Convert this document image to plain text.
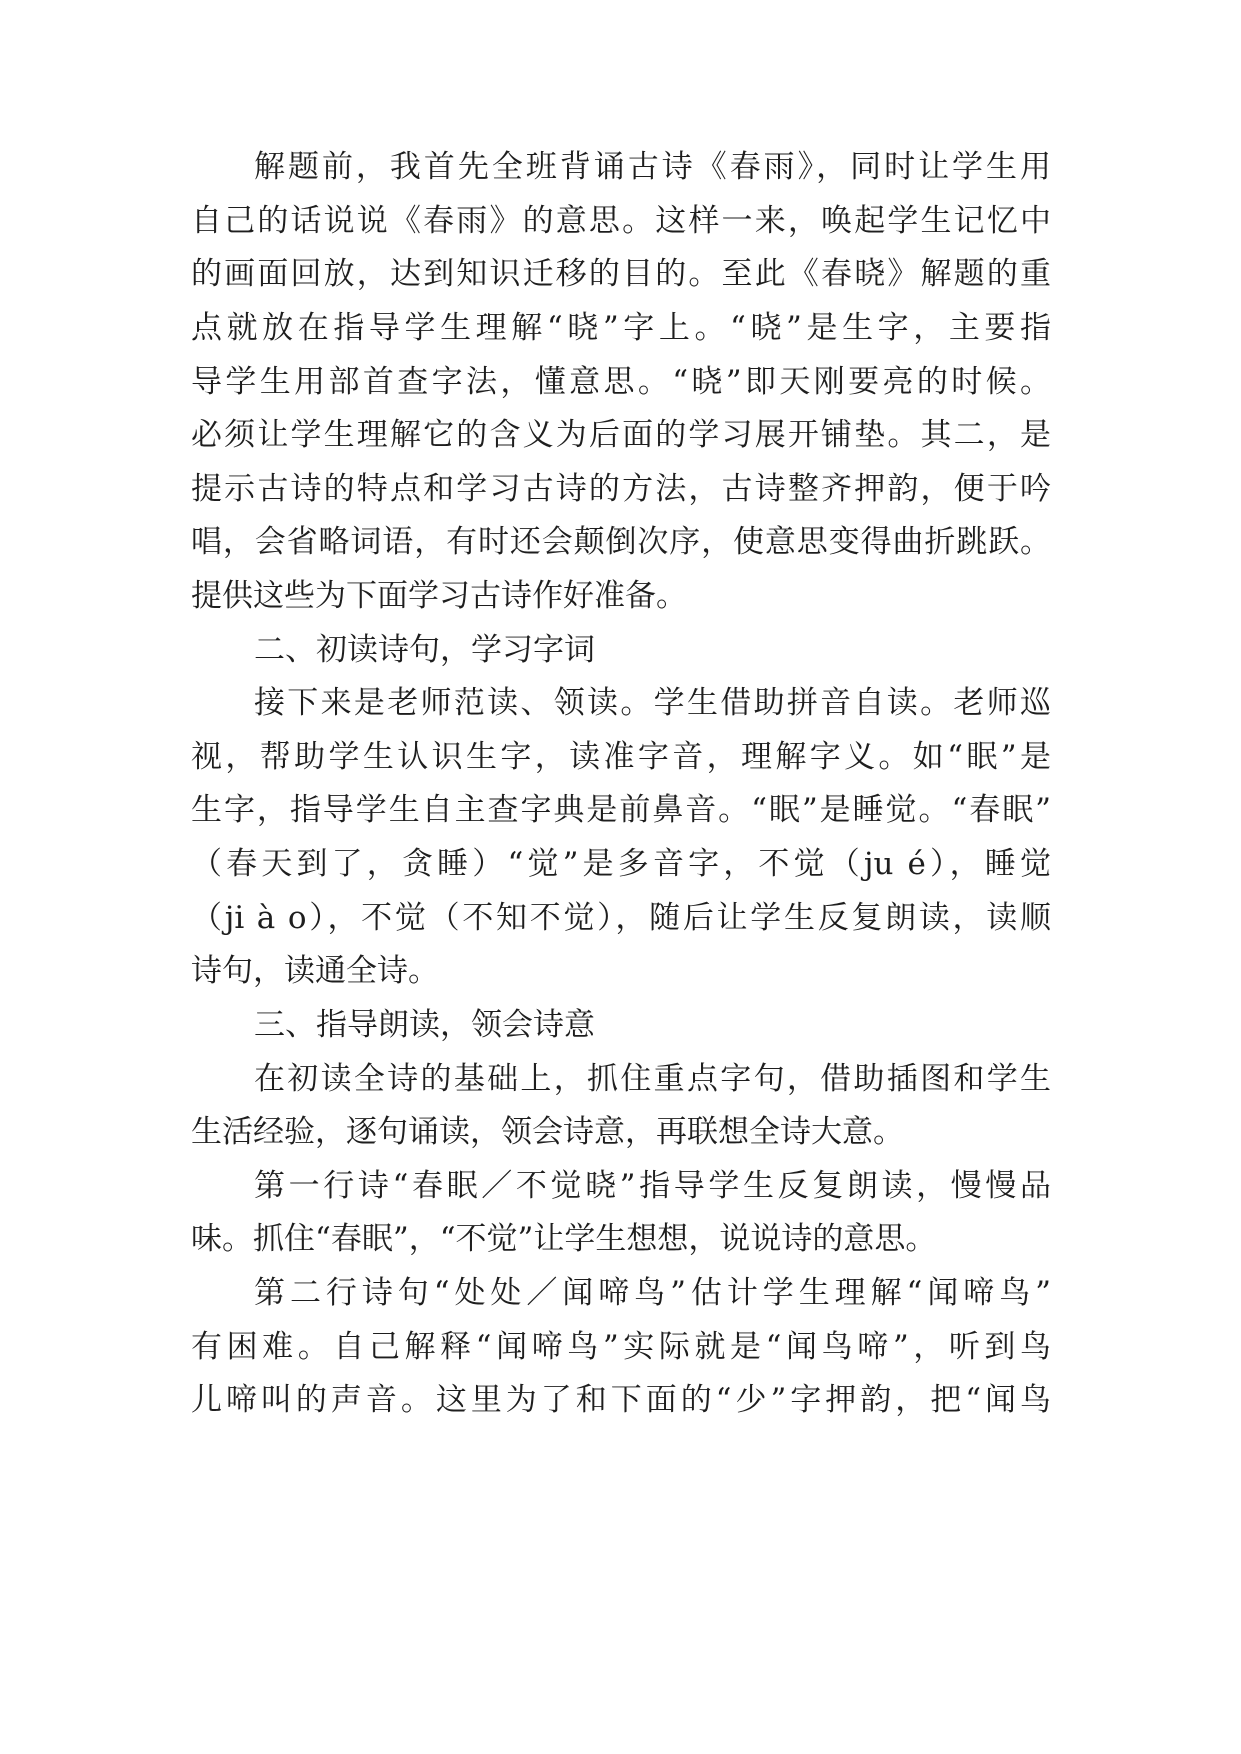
解题前，我首先全班背诵古诗《春雨》，同时让学生用
自己的话说说《春雨》的意思。这样一来，唤起学生记忆中
的画面回放，达到知识迁移的目的。至此《春晓》解题的重
点就放在指导学生理解“晓”字上。“晓”是生字，主要指
导学生用部首查字法，懂意思。“晓”即天刚要亮的时候。
必须让学生理解它的含义为后面的学习展开铺垫。其二，是
提示古诗的特点和学习古诗的方法，古诗整齐押韵，便于吟
唱，会省略词语，有时还会颠倒次序，使意思变得曲折跳跃。
提供这些为下面学习古诗作好准备。
二、初读诗句，学习字词
接下来是老师范读、领读。学生借助拼音自读。老师巡
视，帮助学生认识生字，读准字音，理解字义。如“眠”是
生字，指导学生自主查字典是前鼻音。“眠”是睡觉。“春眠”
（春天到了，贪睡）“觉”是多音字，不觉（ju é），睡觉
（ji à o），不觉（不知不觉），随后让学生反复朗读，读顺
诗句，读通全诗。
三、指导朗读，领会诗意
在初读全诗的基础上，抓住重点字句，借助插图和学生
生活经验，逐句诵读，领会诗意，再联想全诗大意。
第一行诗“春眠／不觉晓”指导学生反复朗读，慢慢品
味。抓住“春眠”，“不觉”让学生想想，说说诗的意思。
第二行诗句“处处／闻啼鸟”估计学生理解“闻啼鸟”
有困难。自己解释“闻啼鸟”实际就是“闻鸟啼”，听到鸟
儿啼叫的声音。这里为了和下面的“少”字押韵，把“闻鸟
